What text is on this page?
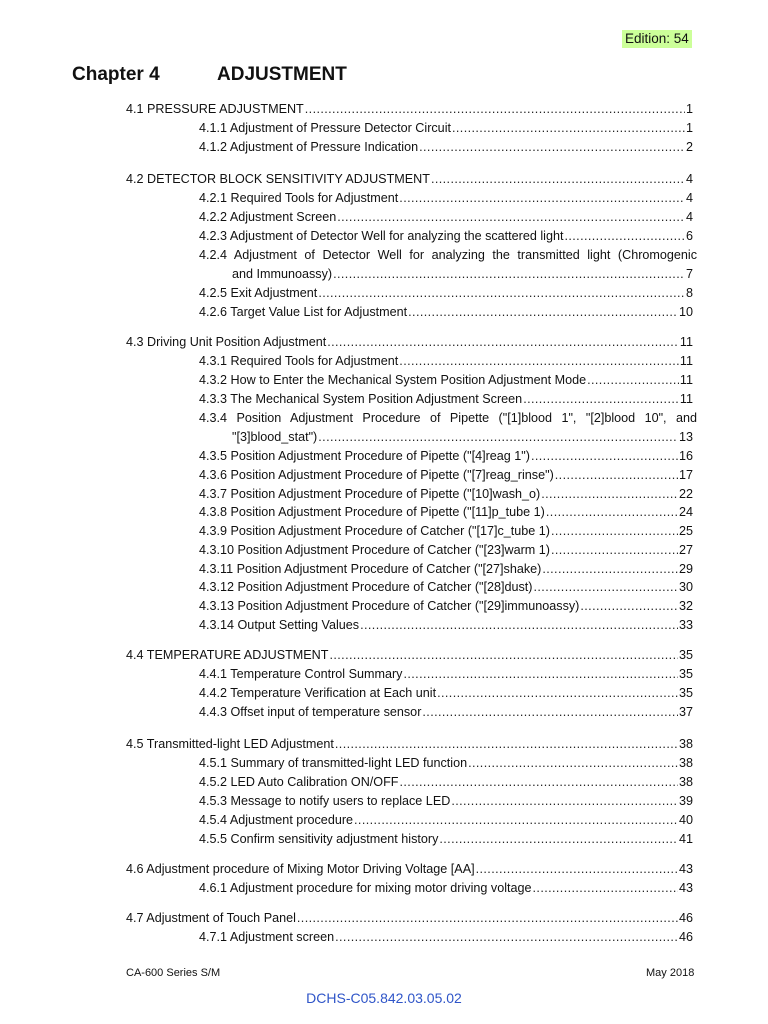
Edition: 54
Chapter 4	ADJUSTMENT
4.1 PRESSURE ADJUSTMENT .....	1
4.1.1 Adjustment of Pressure Detector Circuit .....	1
4.1.2 Adjustment of Pressure Indication .....	2
4.2 DETECTOR BLOCK SENSITIVITY ADJUSTMENT .....	4
4.2.1 Required Tools for Adjustment .....	4
4.2.2 Adjustment Screen .....	4
4.2.3 Adjustment of Detector Well for analyzing the scattered light .....	6
4.2.4 Adjustment of Detector Well for analyzing the transmitted light (Chromogenic
and Immunoassy) .....	7
4.2.5 Exit Adjustment .....	8
4.2.6 Target Value List for Adjustment .....	10
4.3 Driving Unit Position Adjustment .....	11
4.3.1 Required Tools for Adjustment .....	11
4.3.2 How to Enter the Mechanical System Position Adjustment Mode .....	11
4.3.3 The Mechanical System Position Adjustment Screen .....	11
4.3.4 Position Adjustment Procedure of Pipette ("[1]blood 1", "[2]blood 10", and
"[3]blood_stat") .....	13
4.3.5 Position Adjustment Procedure of Pipette ("[4]reag 1") .....	16
4.3.6 Position Adjustment Procedure of Pipette ("[7]reag_rinse") .....	17
4.3.7 Position Adjustment Procedure of Pipette ("[10]wash_o) .....	22
4.3.8 Position Adjustment Procedure of Pipette ("[11]p_tube 1) .....	24
4.3.9 Position Adjustment Procedure of Catcher ("[17]c_tube 1) .....	25
4.3.10 Position Adjustment Procedure of Catcher ("[23]warm 1) .....	27
4.3.11 Position Adjustment Procedure of Catcher ("[27]shake) .....	29
4.3.12 Position Adjustment Procedure of Catcher ("[28]dust) .....	30
4.3.13 Position Adjustment Procedure of Catcher ("[29]immunoassy) .....	32
4.3.14 Output Setting Values .....	33
4.4 TEMPERATURE ADJUSTMENT .....	35
4.4.1 Temperature Control Summary .....	35
4.4.2 Temperature Verification at Each unit .....	35
4.4.3 Offset input of temperature sensor .....	37
4.5 Transmitted-light LED Adjustment .....	38
4.5.1 Summary of transmitted-light LED function .....	38
4.5.2 LED Auto Calibration ON/OFF .....	38
4.5.3 Message to notify users to replace LED .....	39
4.5.4 Adjustment procedure .....	40
4.5.5 Confirm sensitivity adjustment history .....	41
4.6 Adjustment procedure of Mixing Motor Driving Voltage [AA] .....	43
4.6.1 Adjustment procedure for mixing motor driving voltage .....	43
4.7 Adjustment of Touch Panel .....	46
4.7.1 Adjustment screen .....	46
CA-600 Series S/M	May 2018
DCHS-C05.842.03.05.02
